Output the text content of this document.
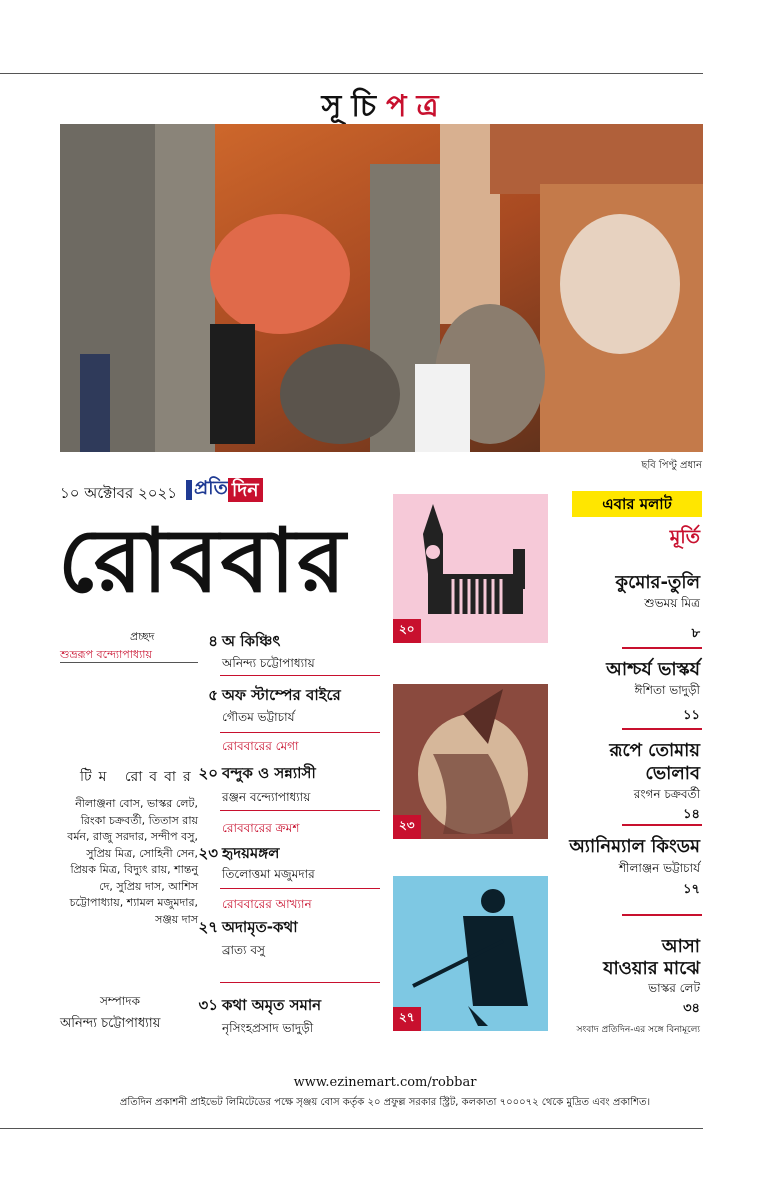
সূচিপত্র
ছবি পিণ্টু প্রধান
১০ অক্টোবর ২০২১ প্রতি দিন
রোববার
প্রচ্ছদ
শুভ্ররূপ বন্দ্যোপাধ্যায়
টিম রোববার
নীলাঞ্জনা বোস, ভাস্কর লেট, রিংকা চক্রবর্তী, তিতাস রায় বর্মন, রাজু সরদার, সন্দীপ বসু, সুপ্রিয় মিত্র, সোহিনী সেন, প্রিয়ক মিত্র, বিদ্যুৎ রায়, শান্তনু দে, সুপ্রিয় দাস, আশিস চট্টোপাধ্যায়, শ্যামল মজুমদার, সঞ্জয় দাস
সম্পাদক
অনিন্দ্য চট্টোপাধ্যায়
৪ অ কিঞ্চিৎ
অনিন্দ্য চট্টোপাধ্যায়
৫ অফ স্টাম্পের বাইরে
গৌতম ভট্টাচার্য
রোববারের মেগা
২০ বন্দুক ও সন্ন্যাসী
রঞ্জন বন্দ্যোপাধ্যায়
রোববারের ক্রমশ
২৩ হৃদয়মঙ্গল
তিলোত্তমা মজুমদার
রোববারের আখ্যান
২৭ অদামৃত-কথা
ব্রাত্য বসু
৩১ কথা অমৃত সমান
নৃসিংহপ্রসাদ ভাদুড়ী
২০
২৩
২৭
এবার মলাট
মূর্তি
কুমোর-তুলি
শুভময় মিত্র
৮
আশ্চর্য ভাস্কর্য
ঈশিতা ভাদুড়ী
১১
রূপে তোমায়
ভোলাব
রংগন চক্রবর্তী
১৪
অ্যানিম্যাল কিংডম
শীলাঞ্জন ভট্টাচার্য
১৭
আসা
যাওয়ার মাঝে
ভাস্কর লেট
৩৪
সংবাদ প্রতিদিন-এর সঙ্গে বিনামূল্যে
www.ezinemart.com/robbar
প্রতিদিন প্রকাশনী প্রাইভেট লিমিটেডের পক্ষে সৃঞ্জয় বোস কর্তৃক ২০ প্রফুল্ল সরকার স্ট্রিট, কলকাতা ৭০০০৭২ থেকে মুদ্রিত এবং প্রকাশিত।
